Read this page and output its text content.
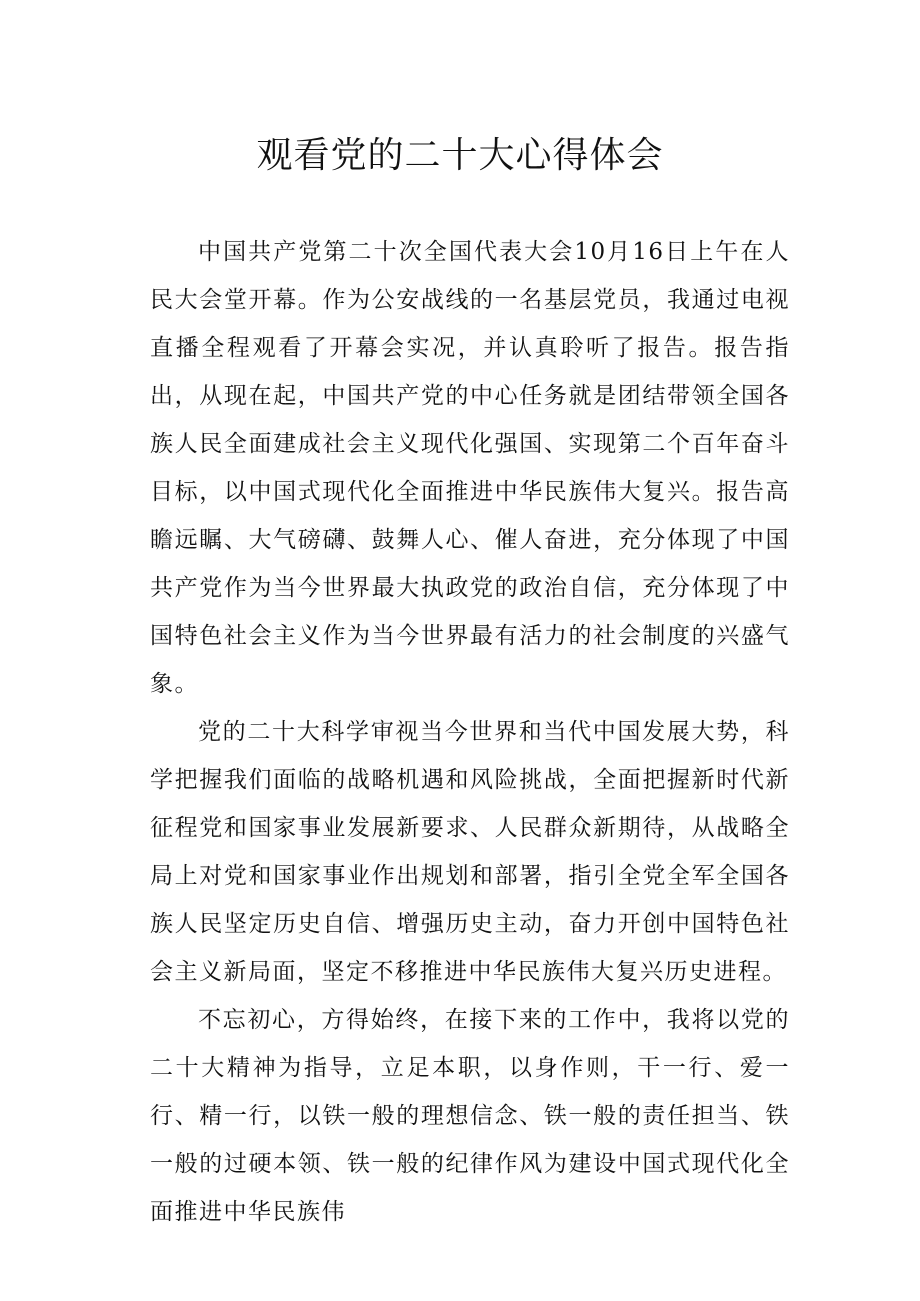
观看党的二十大心得体会

中国共产党第二十次全国代表大会10月16日上午在人民大会堂开幕。作为公安战线的一名基层党员，我通过电视直播全程观看了开幕会实况，并认真聆听了报告。报告指出，从现在起，中国共产党的中心任务就是团结带领全国各族人民全面建成社会主义现代化强国、实现第二个百年奋斗目标，以中国式现代化全面推进中华民族伟大复兴。报告高瞻远瞩、大气磅礴、鼓舞人心、催人奋进，充分体现了中国共产党作为当今世界最大执政党的政治自信，充分体现了中国特色社会主义作为当今世界最有活力的社会制度的兴盛气象。

党的二十大科学审视当今世界和当代中国发展大势，科学把握我们面临的战略机遇和风险挑战，全面把握新时代新征程党和国家事业发展新要求、人民群众新期待，从战略全局上对党和国家事业作出规划和部署，指引全党全军全国各族人民坚定历史自信、增强历史主动，奋力开创中国特色社会主义新局面，坚定不移推进中华民族伟大复兴历史进程。

不忘初心，方得始终，在接下来的工作中，我将以党的二十大精神为指导，立足本职，以身作则，干一行、爱一行、精一行，以铁一般的理想信念、铁一般的责任担当、铁一般的过硬本领、铁一般的纪律作风为建设中国式现代化全面推进中华民族伟
